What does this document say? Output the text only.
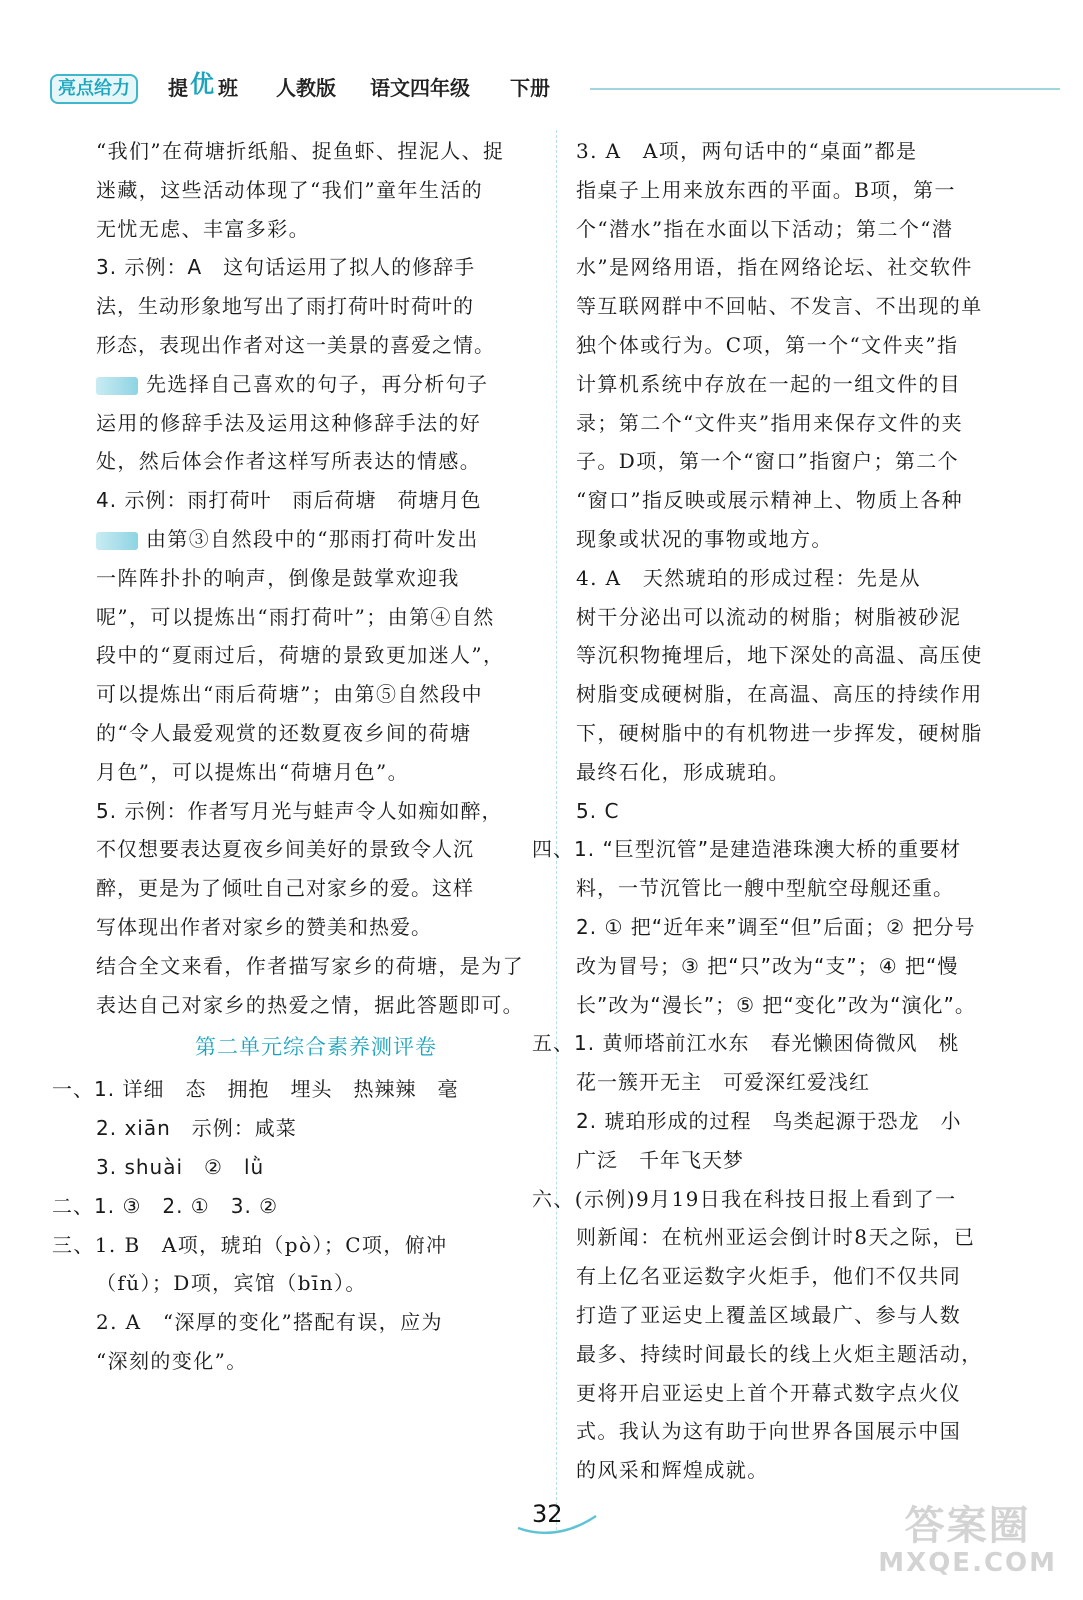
亮点给力	提 优 班 人教版 语文四年级 下册
“我们”在荷塘折纸船、捉鱼虾、捏泥人、捉
迷藏，这些活动体现了“我们”童年生活的
无忧无虑、丰富多彩。
3. 示例：A　这句话运用了拟人的修辞手
法，生动形象地写出了雨打荷叶时荷叶的
形态，表现出作者对这一美景的喜爱之情。
先选择自己喜欢的句子，再分析句子
运用的修辞手法及运用这种修辞手法的好
处，然后体会作者这样写所表达的情感。
4. 示例：雨打荷叶　雨后荷塘　荷塘月色
由第③自然段中的“那雨打荷叶发出
一阵阵扑扑的响声，倒像是鼓掌欢迎我
呢”，可以提炼出“雨打荷叶”；由第④自然
段中的“夏雨过后，荷塘的景致更加迷人”，
可以提炼出“雨后荷塘”；由第⑤自然段中
的“令人最爱观赏的还数夏夜乡间的荷塘
月色”，可以提炼出“荷塘月色”。
5. 示例：作者写月光与蛙声令人如痴如醉，
不仅想要表达夏夜乡间美好的景致令人沉
醉，更是为了倾吐自己对家乡的爱。这样
写体现出作者对家乡的赞美和热爱。
结合全文来看，作者描写家乡的荷塘，是为了
表达自己对家乡的热爱之情，据此答题即可。
第二单元综合素养测评卷
一、1. 详细　态　拥抱　埋头　热辣辣　毫
2. xiān　示例：咸菜
3. shuài　②　lǜ
二、1. ③　2. ①　3. ②
三、1. B　A项，琥珀（pò）；C项，俯冲
（fǔ）；D项，宾馆（bīn）。
2. A　“深厚的变化”搭配有误，应为
“深刻的变化”。
3. A　A项，两句话中的“桌面”都是
指桌子上用来放东西的平面。B项，第一
个“潜水”指在水面以下活动；第二个“潜
水”是网络用语，指在网络论坛、社交软件
等互联网群中不回帖、不发言、不出现的单
独个体或行为。C项，第一个“文件夹”指
计算机系统中存放在一起的一组文件的目
录；第二个“文件夹”指用来保存文件的夹
子。D项，第一个“窗口”指窗户；第二个
“窗口”指反映或展示精神上、物质上各种
现象或状况的事物或地方。
4. A　天然琥珀的形成过程：先是从
树干分泌出可以流动的树脂；树脂被砂泥
等沉积物掩埋后，地下深处的高温、高压使
树脂变成硬树脂，在高温、高压的持续作用
下，硬树脂中的有机物进一步挥发，硬树脂
最终石化，形成琥珀。
5. C
四、1. “巨型沉管”是建造港珠澳大桥的重要材
料，一节沉管比一艘中型航空母舰还重。
2. ① 把“近年来”调至“但”后面；② 把分号
改为冒号；③ 把“只”改为“支”；④ 把“慢
长”改为“漫长”；⑤ 把“变化”改为“演化”。
五、1. 黄师塔前江水东　春光懒困倚微风　桃
花一簇开无主　可爱深红爱浅红
2. 琥珀形成的过程　鸟类起源于恐龙　小
广泛　千年飞天梦
六、(示例)9月19日我在科技日报上看到了一
则新闻：在杭州亚运会倒计时8天之际，已
有上亿名亚运数字火炬手，他们不仅共同
打造了亚运史上覆盖区域最广、参与人数
最多、持续时间最长的线上火炬主题活动，
更将开启亚运史上首个开幕式数字点火仪
式。我认为这有助于向世界各国展示中国
的风采和辉煌成就。
32	答案圈
MXQE.COM
